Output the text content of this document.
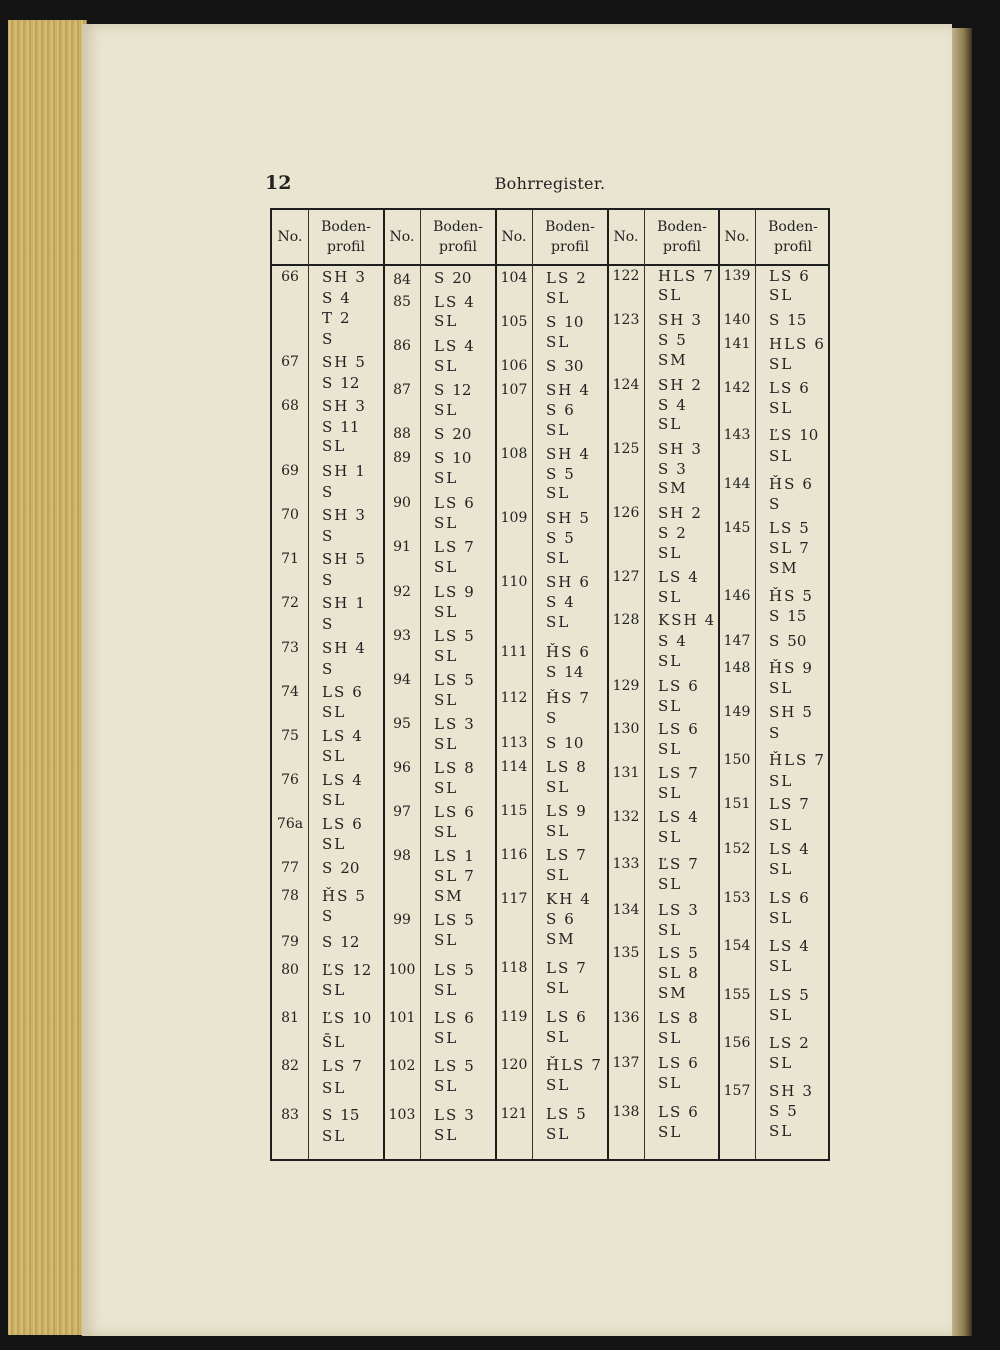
12	Bohrregister.
No.
Boden-
profil
No.
Boden-
profil
No.
Boden-
profil
No.
Boden-
profil
No.
Boden-
profil
66
67
68
69
70
71
72
73
74
75
76
76a
77
78
79
80
81
82
83
SH 3
S 4
T 2
S
SH 5
S 12
SH 3
S 11
SL
SH 1
S
SH 3
S
SH 5
S
SH 1
S
SH 4
S
LS 6
SL
LS 4
SL
LS 4
SL
LS 6
SL
S 20
ȞS 5
S
S 12
ĽS 12
SL
ĽS 10
S̄L
LS 7
SL
S 15
SL
84
85
86
87
88
89
90
91
92
93
94
95
96
97
98
99
100
101
102
103
S 20
LS 4
SL
LS 4
SL
S 12
SL
S 20
S 10
SL
LS 6
SL
LS 7
SL
LS 9
SL
LS 5
SL
LS 5
SL
LS 3
SL
LS 8
SL
LS 6
SL
LS 1
SL 7
SM
LS 5
SL
LS 5
SL
LS 6
SL
LS 5
SL
LS 3
SL
104
105
106
107
108
109
110
111
112
113
114
115
116
117
118
119
120
121
LS 2
SL
S 10
SL
S 30
SH 4
S 6
SL
SH 4
S 5
SL
SH 5
S 5
SL
SH 6
S 4
SL
ȞS 6
S 14
ȞS 7
S
S 10
LS 8
SL
LS 9
SL
LS 7
SL
KH 4
S 6
SM
LS 7
SL
LS 6
SL
ȞLS 7
SL
LS 5
SL
122
123
124
125
126
127
128
129
130
131
132
133
134
135
136
137
138
HLS 7
SL
SH 3
S 5
SM
SH 2
S 4
SL
SH 3
S 3
SM
SH 2
S 2
SL
LS 4
SL
KSH 4
S 4
SL
LS 6
SL
LS 6
SL
LS 7
SL
LS 4
SL
ĽS 7
SL
LS 3
SL
LS 5
SL 8
SM
LS 8
SL
LS 6
SL
LS 6
SL
139
140
141
142
143
144
145
146
147
148
149
150
151
152
153
154
155
156
157
LS 6
SL
S 15
HLS 6
SL
LS 6
SL
ĽS 10
SL
ȞS 6
S
LS 5
SL 7
SM
ȞS 5
S 15
S 50
ȞS 9
SL
SH 5
S
ȞLS 7
SL
LS 7
SL
LS 4
SL
LS 6
SL
LS 4
SL
LS 5
SL
LS 2
SL
SH 3
S 5
SL
